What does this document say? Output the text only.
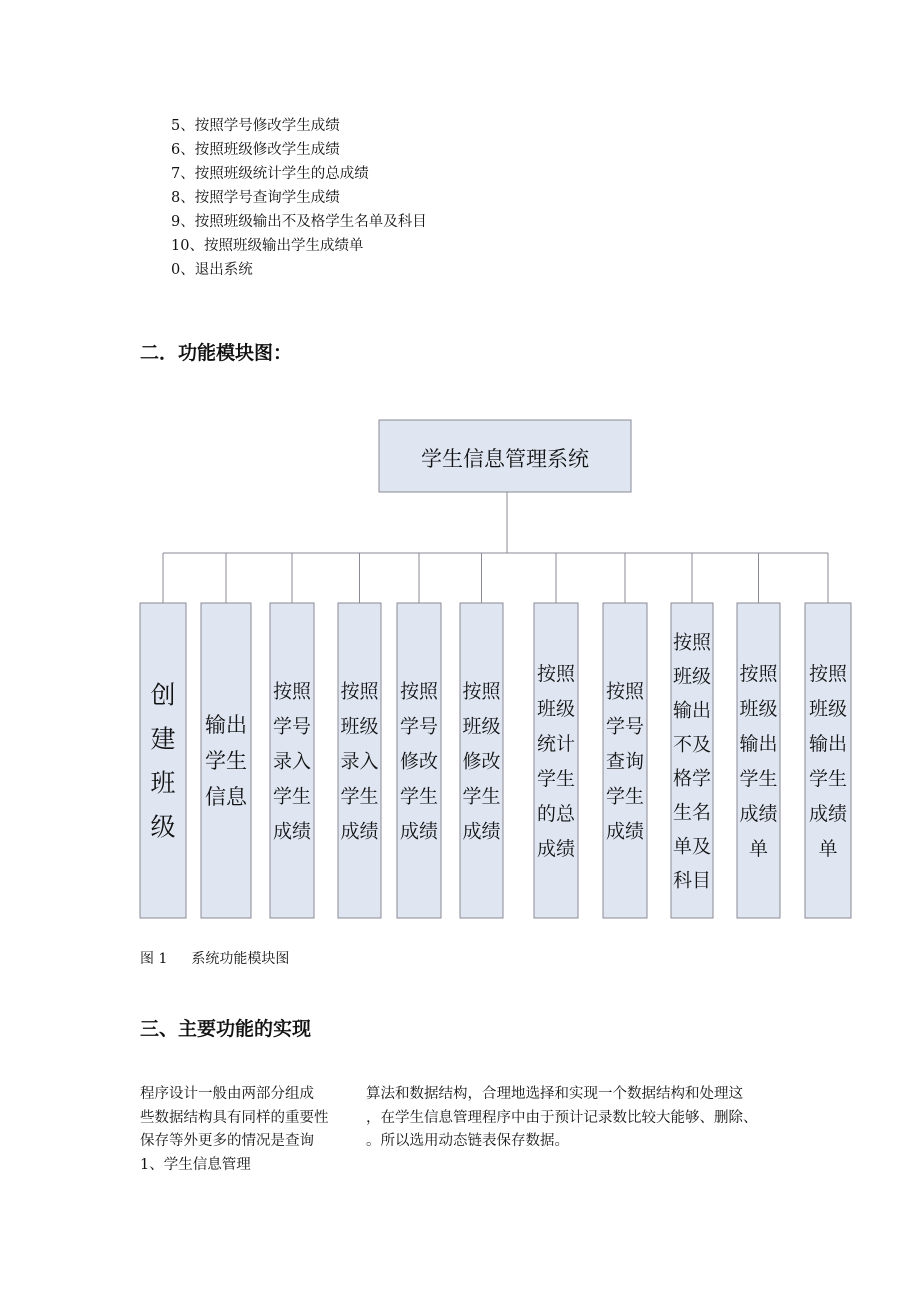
5、按照学号修改学生成绩
6、按照班级修改学生成绩
7、按照班级统计学生的总成绩
8、按照学号查询学生成绩
9、按照班级输出不及格学生名单及科目
10、按照班级输出学生成绩单
0、退出系统
二．功能模块图：
学生信息管理系统
创
建
班
级
输出
学生
信息
按照
学号
录入
学生
成绩
按照
班级
录入
学生
成绩
按照
学号
修改
学生
成绩
按照
班级
修改
学生
成绩
按照
班级
统计
学生
的总
成绩
按照
学号
查询
学生
成绩
按照
班级
输出
不及
格学
生名
单及
科目
按照
班级
输出
学生
成绩
单
按照
班级
输出
学生
成绩
单
图 1 系统功能模块图
三、主要功能的实现

程序设计一般由两部分组成

些数据结构具有同样的重要性

保存等外更多的情况是查询

1、学生信息管理

算法和数据结构，合理地选择和实现一个数据结构和处理这

，在学生信息管理程序中由于预计记录数比较大能够、删除、

。所以选用动态链表保存数据。
